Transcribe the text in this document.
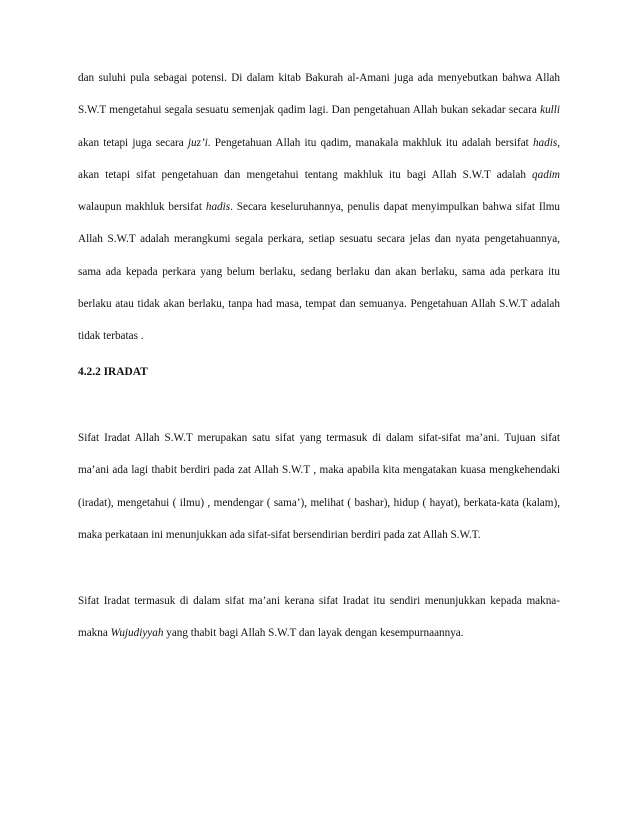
dan suluhi pula sebagai potensi. Di dalam kitab Bakurah al-Amani juga ada menyebutkan bahwa Allah S.W.T mengetahui segala sesuatu semenjak qadim lagi. Dan pengetahuan Allah bukan sekadar secara kulli akan tetapi juga secara juz’i. Pengetahuan Allah itu qadim, manakala makhluk itu adalah bersifat hadis, akan tetapi sifat pengetahuan dan mengetahui tentang makhluk itu bagi Allah S.W.T adalah qadim walaupun makhluk bersifat hadis. Secara keseluruhannya, penulis dapat menyimpulkan bahwa sifat Ilmu Allah S.W.T adalah merangkumi segala perkara, setiap sesuatu secara jelas dan nyata pengetahuannya, sama ada kepada perkara yang belum berlaku, sedang berlaku dan akan berlaku, sama ada perkara itu berlaku atau tidak akan berlaku, tanpa had masa, tempat dan semuanya. Pengetahuan Allah S.W.T adalah tidak terbatas .

4.2.2 IRADAT

Sifat Iradat Allah S.W.T merupakan satu sifat yang termasuk di dalam sifat-sifat ma’ani. Tujuan sifat ma’ani ada lagi thabit berdiri pada zat Allah S.W.T , maka apabila kita mengatakan kuasa mengkehendaki (iradat), mengetahui ( ilmu) , mendengar ( sama’), melihat ( bashar), hidup ( hayat), berkata-kata (kalam), maka perkataan ini menunjukkan ada sifat-sifat bersendirian berdiri pada zat Allah S.W.T.

Sifat Iradat termasuk di dalam sifat ma’ani kerana sifat Iradat itu sendiri menunjukkan kepada makna-makna Wujudiyyah yang thabit bagi Allah S.W.T dan layak dengan kesempurnaannya.
